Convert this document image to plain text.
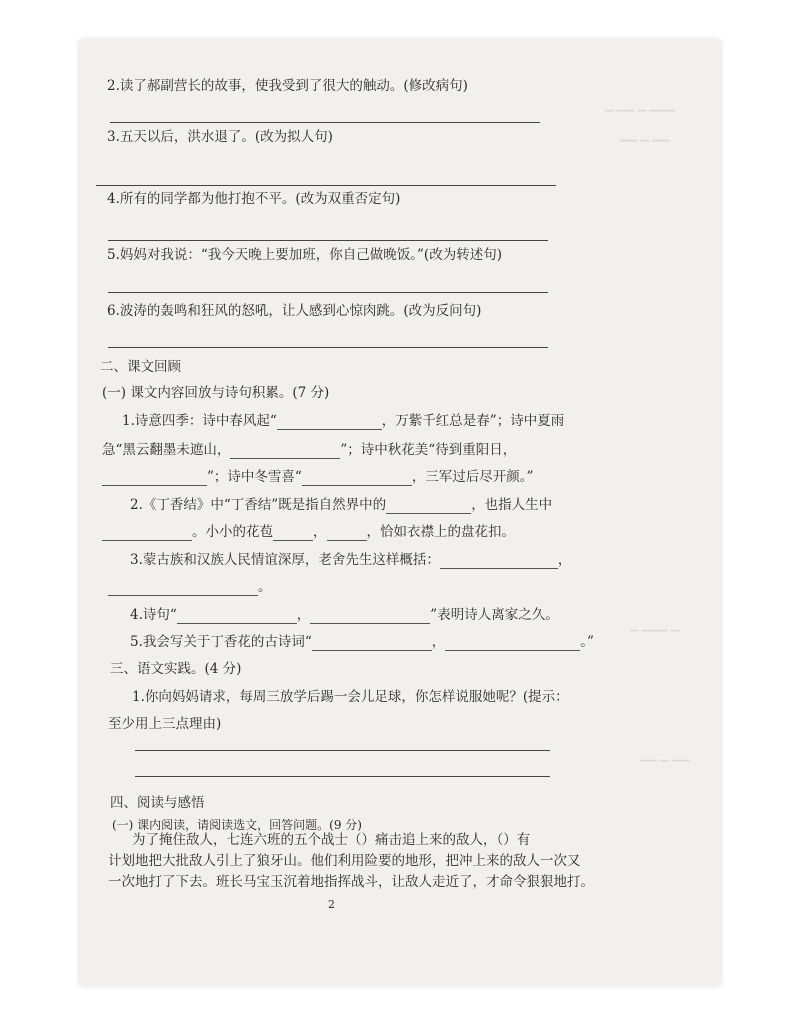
▔ ▔▔ ▔ ▔▔▔
▔▔ ▔ ▔▔
▔ ▔▔▔ ▔
▔▔ ▔ ▔▔
2.读了郝副营长的故事，使我受到了很大的触动。(修改病句)
3.五天以后，洪水退了。(改为拟人句)
4.所有的同学都为他打抱不平。(改为双重否定句)
5.妈妈对我说：“我今天晚上要加班，你自己做晚饭。”(改为转述句)
6.波涛的轰鸣和狂风的怒吼，让人感到心惊肉跳。(改为反问句)
二、课文回顾
(一) 课文内容回放与诗句积累。(7 分)
1.诗意四季：诗中春风起“	，万紫千红总是春”；诗中夏雨
急“黑云翻墨未遮山，	”；诗中秋花美“待到重阳日，
”；诗中冬雪喜“	，三军过后尽开颜。”
2.《丁香结》中“丁香结”既是指自然界中的	，也指人生中
。小小的花苞	，	，恰如衣襟上的盘花扣。
3.蒙古族和汉族人民情谊深厚，老舍先生这样概括：	，
。
4.诗句“	，	”表明诗人离家之久。
5.我会写关于丁香花的古诗词“	，	。”
三、语文实践。(4 分)
1.你向妈妈请求，每周三放学后踢一会儿足球，你怎样说服她呢？(提示：
至少用上三点理由)
四、阅读与感悟
(一) 课内阅读，请阅读选文，回答问题。(9 分)
为了掩住敌人，七连六班的五个战士（）痛击追上来的敌人，（）有
计划地把大批敌人引上了狼牙山。他们利用险要的地形，把冲上来的敌人一次又
一次地打了下去。班长马宝玉沉着地指挥战斗，让敌人走近了，才命令狠狠地打。
2
